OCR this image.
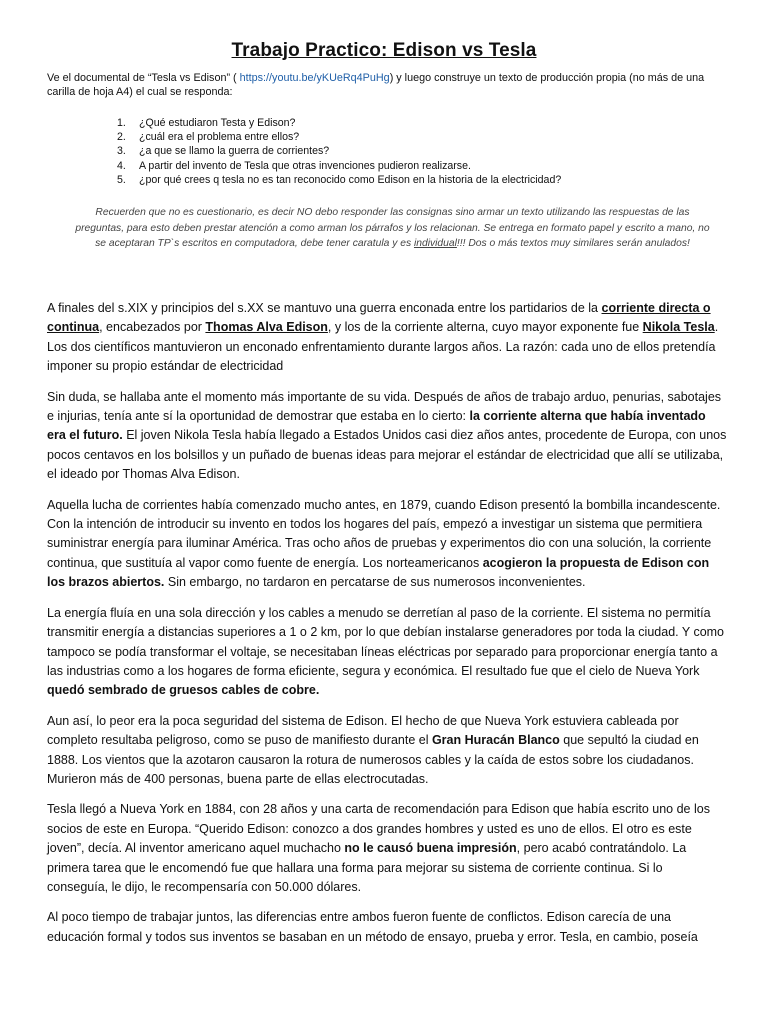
Trabajo Practico: Edison vs Tesla
Ve el documental de “Tesla vs Edison” ( https://youtu.be/yKUeRq4PuHg) y luego construye un texto de producción propia (no más de una carilla de hoja A4) el cual se responda:
1. ¿Qué estudiaron Testa y Edison?
2. ¿cuál era el problema entre ellos?
3. ¿a que se llamo la guerra de corrientes?
4. A partir del invento de Tesla que otras invenciones pudieron realizarse.
5. ¿por qué crees q tesla no es tan reconocido como Edison en la historia de la electricidad?
Recuerden que no es cuestionario, es decir NO debo responder las consignas sino armar un texto utilizando las respuestas de las preguntas, para esto deben prestar atención a como arman los párrafos y los relacionan. Se entrega en formato papel y escrito a mano, no se aceptaran TP`s escritos en computadora, debe tener caratula y es individual!!! Dos o más textos muy similares serán anulados!

A finales del s.XIX y principios del s.XX se mantuvo una guerra enconada entre los partidarios de la corriente directa o continua, encabezados por Thomas Alva Edison, y los de la corriente alterna, cuyo mayor exponente fue Nikola Tesla.
Los dos científicos mantuvieron un enconado enfrentamiento durante largos años. La razón: cada uno de ellos pretendía imponer su propio estándar de electricidad

Sin duda, se hallaba ante el momento más importante de su vida. Después de años de trabajo arduo, penurias, sabotajes e injurias, tenía ante sí la oportunidad de demostrar que estaba en lo cierto: la corriente alterna que había inventado era el futuro. El joven Nikola Tesla había llegado a Estados Unidos casi diez años antes, procedente de Europa, con unos pocos centavos en los bolsillos y un puñado de buenas ideas para mejorar el estándar de electricidad que allí se utilizaba, el ideado por Thomas Alva Edison.

Aquella lucha de corrientes había comenzado mucho antes, en 1879, cuando Edison presentó la bombilla incandescente. Con la intención de introducir su invento en todos los hogares del país, empezó a investigar un sistema que permitiera suministrar energía para iluminar América. Tras ocho años de pruebas y experimentos dio con una solución, la corriente continua, que sustituía al vapor como fuente de energía. Los norteamericanos acogieron la propuesta de Edison con los brazos abiertos. Sin embargo, no tardaron en percatarse de sus numerosos inconvenientes.

La energía fluía en una sola dirección y los cables a menudo se derretían al paso de la corriente. El sistema no permitía transmitir energía a distancias superiores a 1 o 2 km, por lo que debían instalarse generadores por toda la ciudad. Y como tampoco se podía transformar el voltaje, se necesitaban líneas eléctricas por separado para proporcionar energía tanto a las industrias como a los hogares de forma eficiente, segura y económica. El resultado fue que el cielo de Nueva York quedó sembrado de gruesos cables de cobre.

Aun así, lo peor era la poca seguridad del sistema de Edison. El hecho de que Nueva York estuviera cableada por completo resultaba peligroso, como se puso de manifiesto durante el Gran Huracán Blanco que sepultó la ciudad en 1888. Los vientos que la azotaron causaron la rotura de numerosos cables y la caída de estos sobre los ciudadanos. Murieron más de 400 personas, buena parte de ellas electrocutadas.

Tesla llegó a Nueva York en 1884, con 28 años y una carta de recomendación para Edison que había escrito uno de los socios de este en Europa. “Querido Edison: conozco a dos grandes hombres y usted es uno de ellos. El otro es este joven”, decía. Al inventor americano aquel muchacho no le causó buena impresión, pero acabó contratándolo. La primera tarea que le encomendó fue que hallara una forma para mejorar su sistema de corriente continua. Si lo conseguía, le dijo, le recompensaría con 50.000 dólares.

Al poco tiempo de trabajar juntos, las diferencias entre ambos fueron fuente de conflictos. Edison carecía de una educación formal y todos sus inventos se basaban en un método de ensayo, prueba y error. Tesla, en cambio, poseía
